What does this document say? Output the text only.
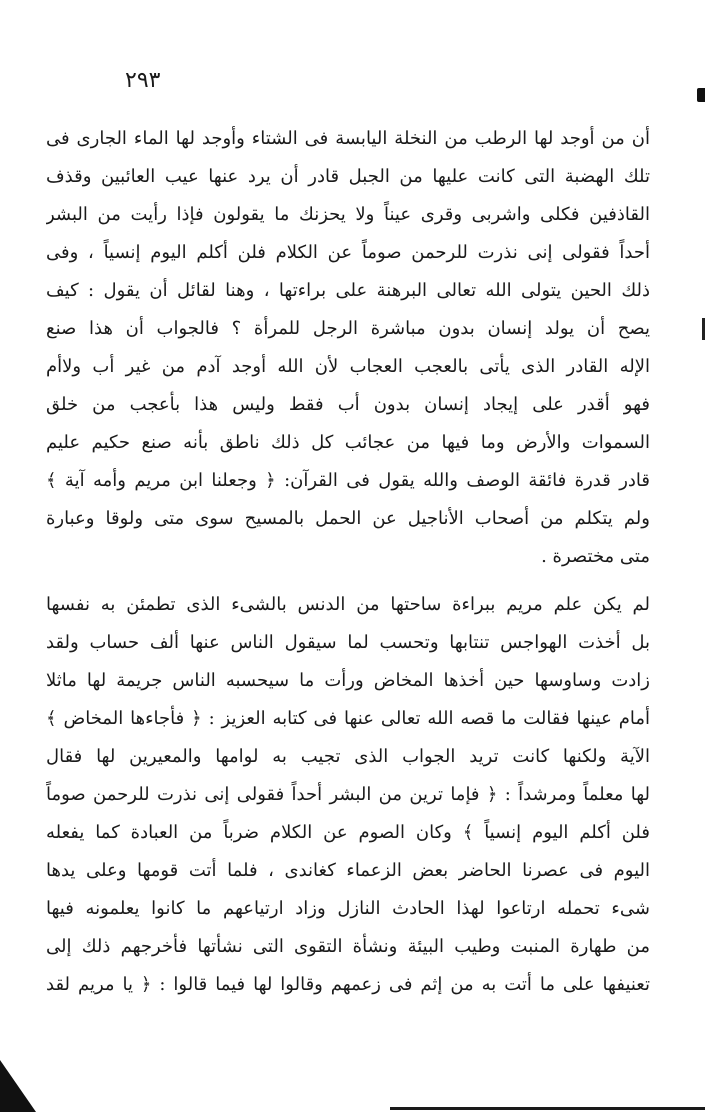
٢٩٣
أن من أوجد لها الرطب من النخلة اليابسة فى الشتاء وأوجد لها الماء الجارى فى
تلك الهضبة التى كانت عليها من الجبل قادر أن يرد عنها عيب العائبين وقذف
القاذفين فكلى واشربى وقرى عيناً ولا يحزنك ما يقولون فإذا رأيت من البشر
أحداً فقولى إنى نذرت للرحمن صوماً عن الكلام فلن أكلم اليوم إنسياً ، وفى
ذلك الحين يتولى الله تعالى البرهنة على براءتها ، وهنا لقائل أن يقول : كيف
يصح أن يولد إنسان بدون مباشرة الرجل للمرأة ؟ فالجواب أن هذا صنع
الإله القادر الذى يأتى بالعجب العجاب لأن الله أوجد آدم من غير أب ولاأم
فهو أقدر على إيجاد إنسان بدون أب فقط وليس هذا بأعجب من خلق
السموات والأرض وما فيها من عجائب كل ذلك ناطق بأنه صنع حكيم عليم
قادر قدرة فائقة الوصف والله يقول فى القرآن: ﴿ وجعلنا ابن مريم وأمه آية ﴾
ولم يتكلم من أصحاب الأناجيل عن الحمل بالمسيح سوى متى ولوقا وعبارة
متى مختصرة .
لم يكن علم مريم ببراءة ساحتها من الدنس بالشىء الذى تطمئن به نفسها
بل أخذت الهواجس تنتابها وتحسب لما سيقول الناس عنها ألف حساب ولقد
زادت وساوسها حين أخذها المخاض ورأت ما سيحسبه الناس جريمة لها ماثلا
أمام عينها فقالت ما قصه الله تعالى عنها فى كتابه العزيز : ﴿ فأجاءها المخاض ﴾
الآية ولكنها كانت تريد الجواب الذى تجيب به لوامها والمعيرين لها فقال
لها معلماً ومرشداً : ﴿ فإما ترين من البشر أحداً فقولى إنى نذرت للرحمن صوماً
فلن أكلم اليوم إنسياً ﴾ وكان الصوم عن الكلام ضرباً من العبادة كما يفعله
اليوم فى عصرنا الحاضر بعض الزعماء كغاندى ، فلما أتت قومها وعلى يدها
شىء تحمله ارتاعوا لهذا الحادث النازل وزاد ارتياعهم ما كانوا يعلمونه فيها
من طهارة المنبت وطيب البيئة ونشأة التقوى التى نشأتها فأخرجهم ذلك إلى
تعنيفها على ما أتت به من إثم فى زعمهم وقالوا لها فيما قالوا : ﴿ يا مريم لقد
